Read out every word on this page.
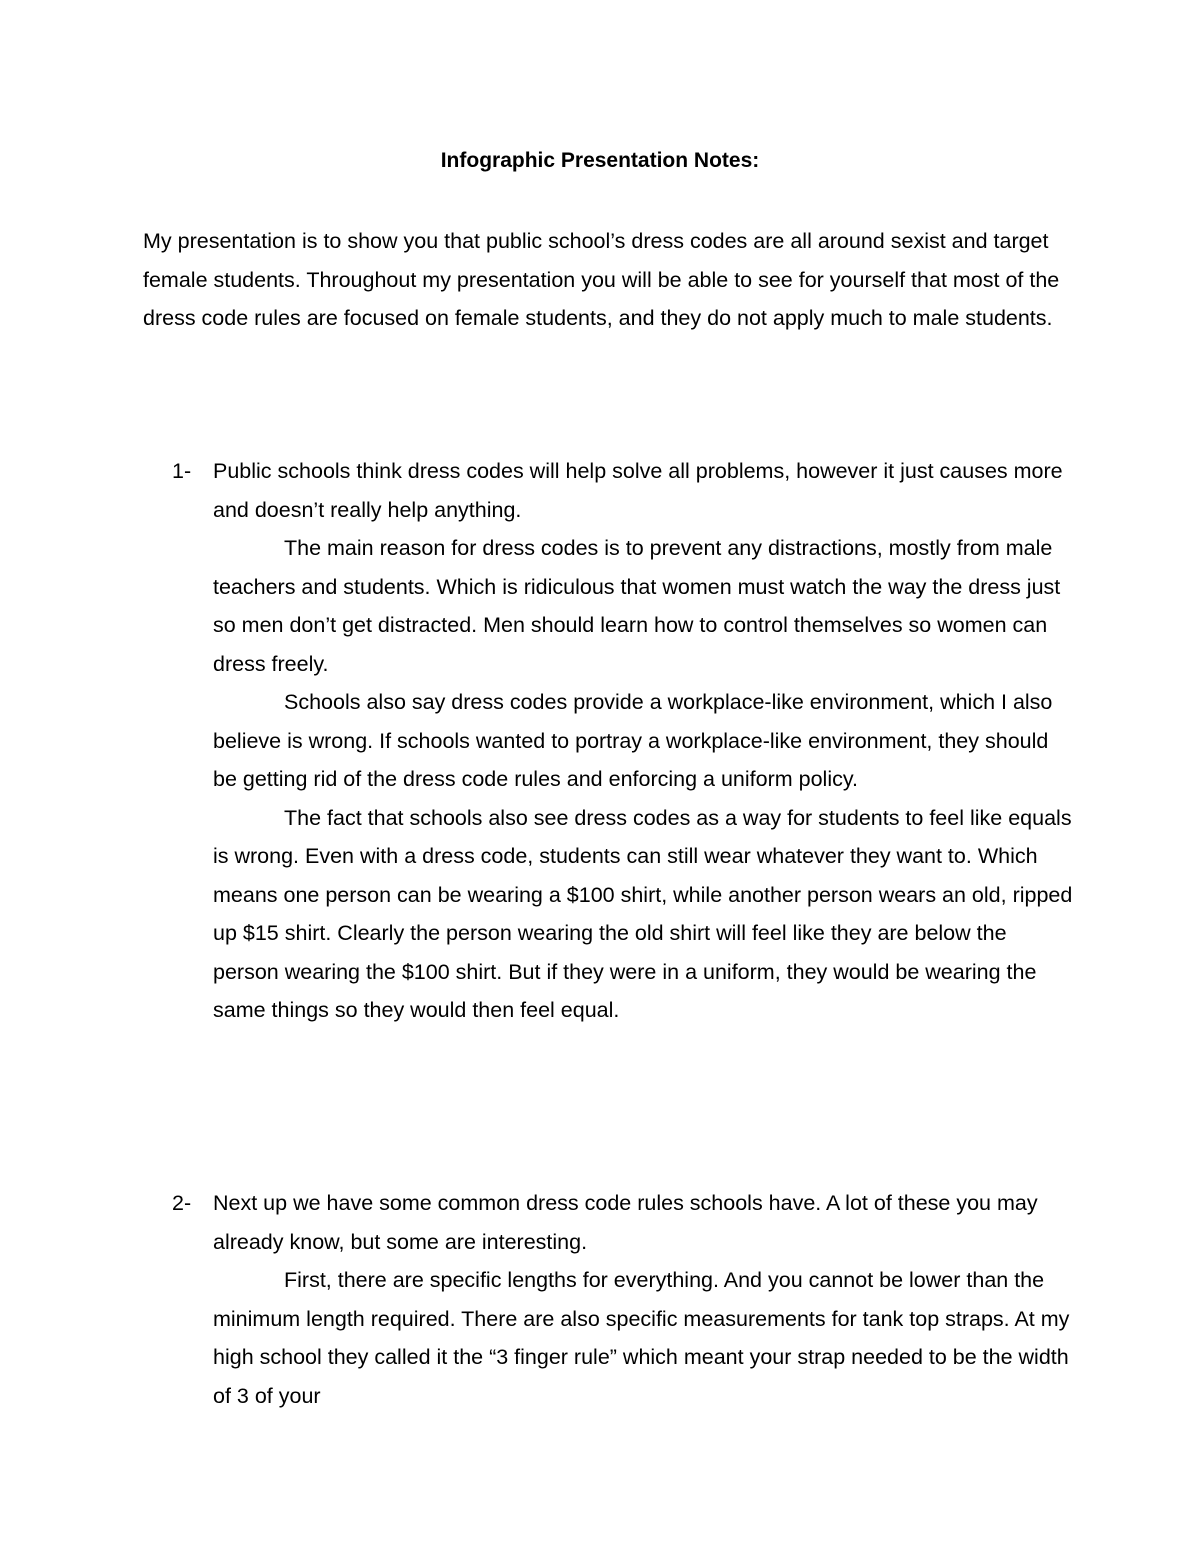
Infographic Presentation Notes:

My presentation is to show you that public school’s dress codes are all around sexist and target female students. Throughout my presentation you will be able to see for yourself that most of the dress code rules are focused on female students, and they do not apply much to male students.

1-	Public schools think dress codes will help solve all problems, however it just causes more and doesn’t really help anything.

The main reason for dress codes is to prevent any distractions, mostly from male teachers and students. Which is ridiculous that women must watch the way the dress just so men don’t get distracted. Men should learn how to control themselves so women can dress freely.

Schools also say dress codes provide a workplace-like environment, which I also believe is wrong. If schools wanted to portray a workplace-like environment, they should be getting rid of the dress code rules and enforcing a uniform policy.

The fact that schools also see dress codes as a way for students to feel like equals is wrong. Even with a dress code, students can still wear whatever they want to. Which means one person can be wearing a $100 shirt, while another person wears an old, ripped up $15 shirt. Clearly the person wearing the old shirt will feel like they are below the person wearing the $100 shirt. But if they were in a uniform, they would be wearing the same things so they would then feel equal.

2-	Next up we have some common dress code rules schools have. A lot of these you may already know, but some are interesting.

First, there are specific lengths for everything. And you cannot be lower than the minimum length required. There are also specific measurements for tank top straps. At my high school they called it the “3 finger rule” which meant your strap needed to be the width of 3 of your
